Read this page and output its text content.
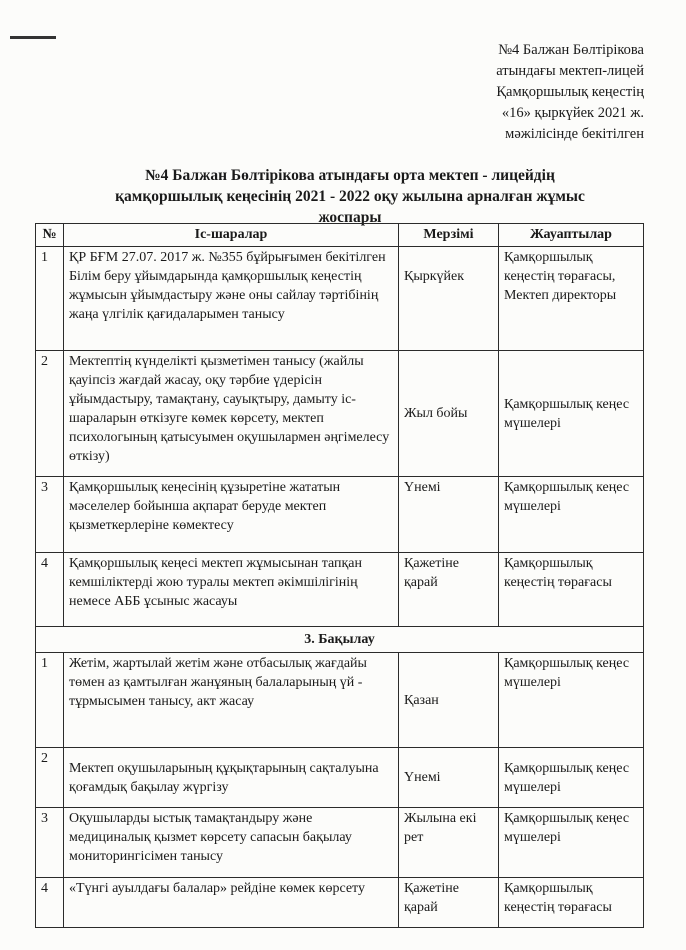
№4 Балжан Бөлтірікова
атындағы мектеп-лицей
Қамқоршылық кеңестің
«16» қыркүйек 2021 ж.
мәжілісінде бекітілген
№4 Балжан Бөлтірікова атындағы орта мектеп - лицейдің
қамқоршылық кеңесінің 2021 - 2022 оқу жылына арналған жұмыс
жоспары
№	Іс-шаралар	Мерзімі	Жауаптылар
1	ҚР БҒМ 27.07. 2017 ж. №355 бұйрығымен бекітілген Білім беру ұйымдарында қамқоршылық кеңестің жұмысын ұйымдастыру және оны сайлау тәртібінің жаңа үлгілік қағидаларымен танысу	Қыркүйек	Қамқоршылық кеңестің төрағасы, Мектеп директоры
2	Мектептің күнделікті қызметімен танысу (жайлы қауіпсіз жағдай жасау, оқу тәрбие үдерісін ұйымдастыру, тамақтану, сауықтыру, дамыту іс-шараларын өткізуге көмек көрсету, мектеп психологының қатысуымен оқушылармен әңгімелесу өткізу)	Жыл бойы	Қамқоршылық кеңес мүшелері
3	Қамқоршылық кеңесінің құзыретіне жататын мәселелер бойынша ақпарат беруде мектеп қызметкерлеріне көмектесу	Үнемі	Қамқоршылық кеңес мүшелері
4	Қамқоршылық кеңесі мектеп жұмысынан тапқан кемшіліктерді жою туралы мектеп әкімшілігінің немесе АББ ұсыныс жасауы	Қажетіне қарай	Қамқоршылық кеңестің төрағасы
3. Бақылау			
1	Жетім, жартылай жетім және отбасылық жағдайы төмен аз қамтылған жанұяның балаларының үй - тұрмысымен танысу, акт жасау	Қазан	Қамқоршылық кеңес мүшелері
2	Мектеп оқушыларының құқықтарының сақталуына қоғамдық бақылау жүргізу	Үнемі	Қамқоршылық кеңес мүшелері
3	Оқушыларды ыстық тамақтандыру және медициналық қызмет көрсету сапасын бақылау мониторингісімен танысу	Жылына екі рет	Қамқоршылық кеңес мүшелері
4	«Түнгі ауылдағы балалар» рейдіне көмек көрсету	Қажетіне қарай	Қамқоршылық кеңестің төрағасы
